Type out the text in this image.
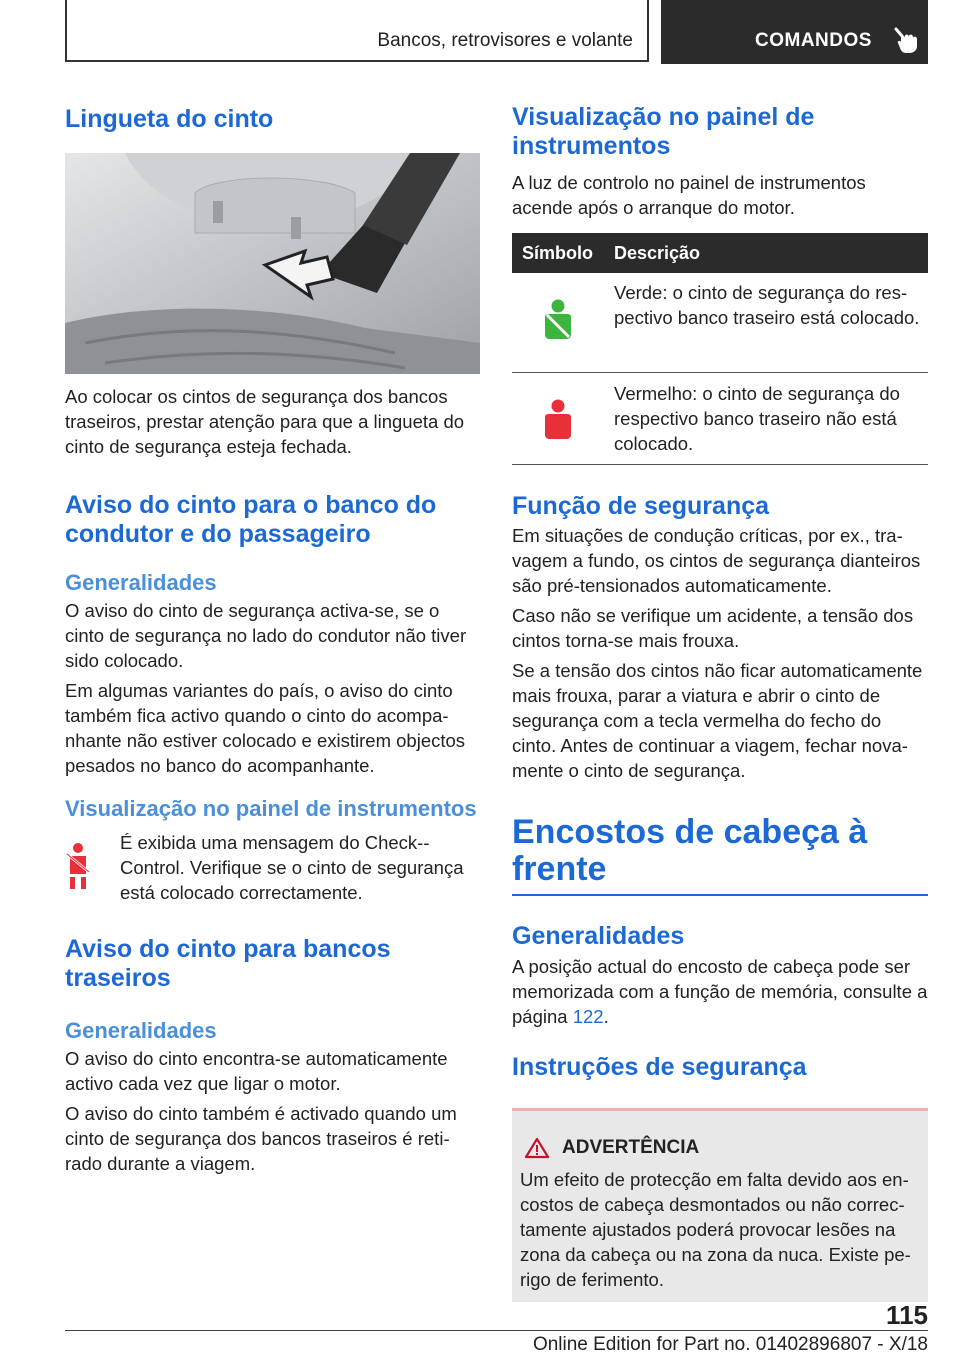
Bancos, retrovisores e volante	COMANDOS
Lingueta do cinto

Ao colocar os cintos de segurança dos bancos traseiros, prestar atenção para que a lingueta do cinto de segurança esteja fechada.

Aviso do cinto para o banco do condutor e do passageiro
Generalidades

O aviso do cinto de segurança activa-se, se o cinto de segurança no lado do condutor não tiver sido colocado.

Em algumas variantes do país, o aviso do cinto também fica activo quando o cinto do acompanhante não estiver colocado e existirem objectos pesados no banco do acompanhante.

Visualização no painel de instrumentos

É exibida uma mensagem do Check--Control. Verifique se o cinto de segurança está colocado correctamente.

Aviso do cinto para bancos traseiros
Generalidades

O aviso do cinto encontra-se automaticamente activo cada vez que ligar o motor.

O aviso do cinto também é activado quando um cinto de segurança dos bancos traseiros é retirado durante a viagem.

Visualização no painel de instrumentos

A luz de controlo no painel de instrumentos acende após o arranque do motor.

Símbolo	Descrição
	Verde: o cinto de segurança do respectivo banco traseiro está colocado.
	Vermelho: o cinto de segurança do respectivo banco traseiro não está colocado.
Função de segurança

Em situações de condução críticas, por ex., travagem a fundo, os cintos de segurança dianteiros são pré-tensionados automaticamente.

Caso não se verifique um acidente, a tensão dos cintos torna-se mais frouxa.

Se a tensão dos cintos não ficar automaticamente mais frouxa, parar a viatura e abrir o cinto de segurança com a tecla vermelha do fecho do cinto. Antes de continuar a viagem, fechar novamente o cinto de segurança.

Encostos de cabeça à frente
Generalidades

A posição actual do encosto de cabeça pode ser memorizada com a função de memória, consulte a página 122.

Instruções de segurança
ADVERTÊNCIA

Um efeito de protecção em falta devido aos encostos de cabeça desmontados ou não correctamente ajustados poderá provocar lesões na zona da cabeça ou na zona da nuca. Existe perigo de ferimento.

115
Online Edition for Part no. 01402896807 - X/18
